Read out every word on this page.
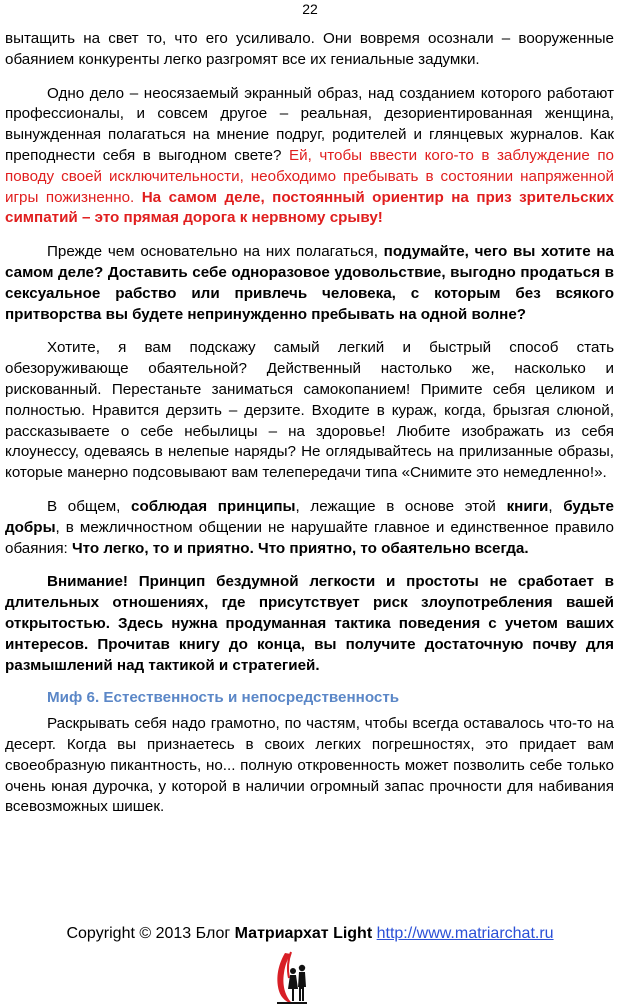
22

вытащить на свет то, что его усиливало. Они вовремя осознали – вооруженные обаянием конкуренты легко разгромят все их гениальные задумки.

Одно дело – неосязаемый экранный образ, над созданием которого работают профессионалы, и совсем другое – реальная, дезориентированная женщина, вынужденная полагаться на мнение подруг, родителей и глянцевых журналов. Как преподнести себя в выгодном свете? Ей, чтобы ввести кого-то в заблуждение по поводу своей исключительности, необходимо пребывать в состоянии напряженной игры пожизненно. На самом деле, постоянный ориентир на приз зрительских симпатий – это прямая дорога к нервному срыву!

Прежде чем основательно на них полагаться, подумайте, чего вы хотите на самом деле? Доставить себе одноразовое удовольствие, выгодно продаться в сексуальное рабство или привлечь человека, с которым без всякого притворства вы будете непринужденно пребывать на одной волне?

Хотите, я вам подскажу самый легкий и быстрый способ стать обезоруживающе обаятельной? Действенный настолько же, насколько и рискованный. Перестаньте заниматься самокопанием! Примите себя целиком и полностью. Нравится дерзить – дерзите. Входите в кураж, когда, брызгая слюной, рассказываете о себе небылицы – на здоровье! Любите изображать из себя клоунессу, одеваясь в нелепые наряды? Не оглядывайтесь на прилизанные образы, которые манерно подсовывают вам телепередачи типа «Снимите это немедленно!».

В общем, соблюдая принципы, лежащие в основе этой книги, будьте добры, в межличностном общении не нарушайте главное и единственное правило обаяния: Что легко, то и приятно. Что приятно, то обаятельно всегда.

Внимание! Принцип бездумной легкости и простоты не сработает в длительных отношениях, где присутствует риск злоупотребления вашей открытостью. Здесь нужна продуманная тактика поведения с учетом ваших интересов. Прочитав книгу до конца, вы получите достаточную почву для размышлений над тактикой и стратегией.

Миф 6. Естественность и непосредственность

Раскрывать себя надо грамотно, по частям, чтобы всегда оставалось что-то на десерт. Когда вы признаетесь в своих легких погрешностях, это придает вам своеобразную пикантность, но... полную откровенность может позволить себе только очень юная дурочка, у которой в наличии огромный запас прочности для набивания всевозможных шишек.

Copyright © 2013 Блог Матриархат Light http://www.matriarchat.ru
